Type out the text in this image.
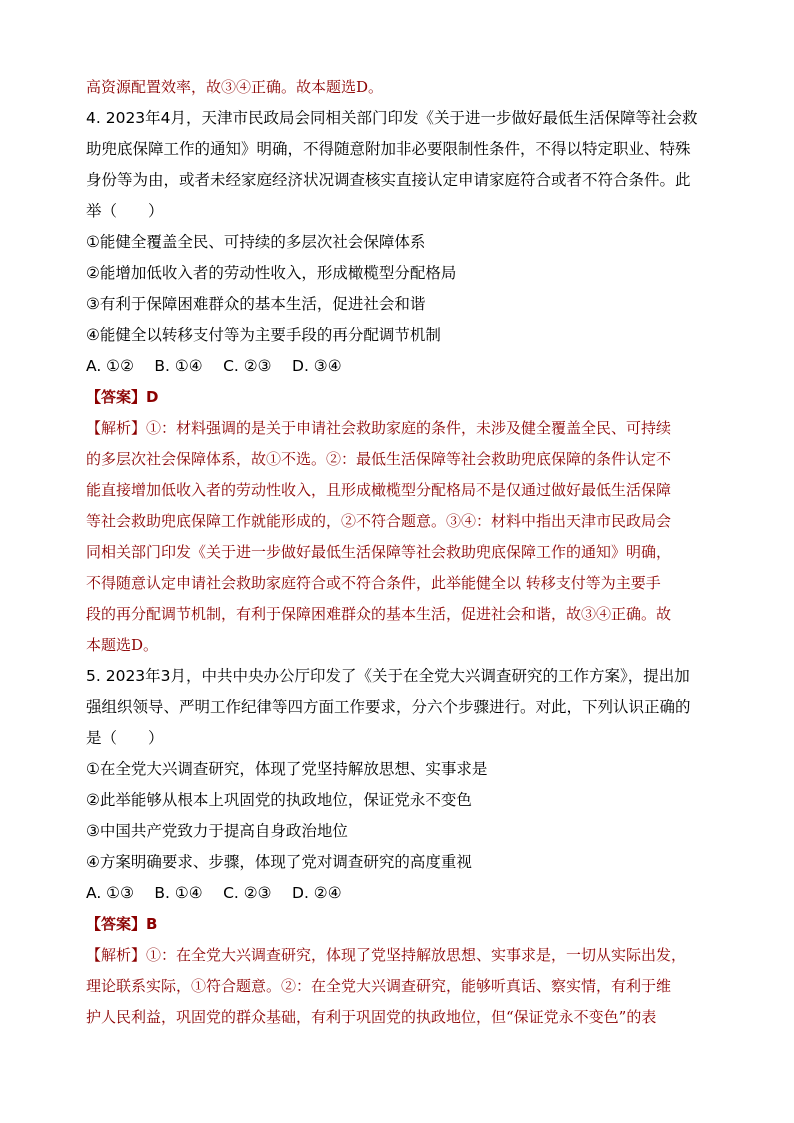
高资源配置效率，故③④正确。故本题选D。
4. 2023年4月，天津市民政局会同相关部门印发《关于进一步做好最低生活保障等社会救
助兜底保障工作的通知》明确，不得随意附加非必要限制性条件，不得以特定职业、特殊
身份等为由，或者未经家庭经济状况调查核实直接认定申请家庭符合或者不符合条件。此
举（　　）
①能健全覆盖全民、可持续的多层次社会保障体系
②能增加低收入者的劳动性收入，形成橄榄型分配格局
③有利于保障困难群众的基本生活，促进社会和谐
④能健全以转移支付等为主要手段的再分配调节机制
A. ①②　 B. ①④　 C. ②③　 D. ③④
【答案】D
【解析】①：材料强调的是关于申请社会救助家庭的条件，未涉及健全覆盖全民、可持续
的多层次社会保障体系，故①不选。②：最低生活保障等社会救助兜底保障的条件认定不
能直接增加低收入者的劳动性收入，且形成橄榄型分配格局不是仅通过做好最低生活保障
等社会救助兜底保障工作就能形成的，②不符合题意。③④：材料中指出天津市民政局会
同相关部门印发《关于进一步做好最低生活保障等社会救助兜底保障工作的通知》明确，
不得随意认定申请社会救助家庭符合或不符合条件，此举能健全以 转移支付等为主要手
段的再分配调节机制，有利于保障困难群众的基本生活，促进社会和谐，故③④正确。故
本题选D。
5. 2023年3月，中共中央办公厅印发了《关于在全党大兴调查研究的工作方案》，提出加
强组织领导、严明工作纪律等四方面工作要求，分六个步骤进行。对此，下列认识正确的
是（　　）
①在全党大兴调查研究，体现了党坚持解放思想、实事求是
②此举能够从根本上巩固党的执政地位，保证党永不变色
③中国共产党致力于提高自身政治地位
④方案明确要求、步骤，体现了党对调查研究的高度重视
A. ①③　 B. ①④　 C. ②③　 D. ②④
【答案】B
【解析】①：在全党大兴调查研究，体现了党坚持解放思想、实事求是，一切从实际出发，
理论联系实际，①符合题意。②：在全党大兴调查研究，能够听真话、察实情，有利于维
护人民利益，巩固党的群众基础，有利于巩固党的执政地位，但“保证党永不变色”的表
